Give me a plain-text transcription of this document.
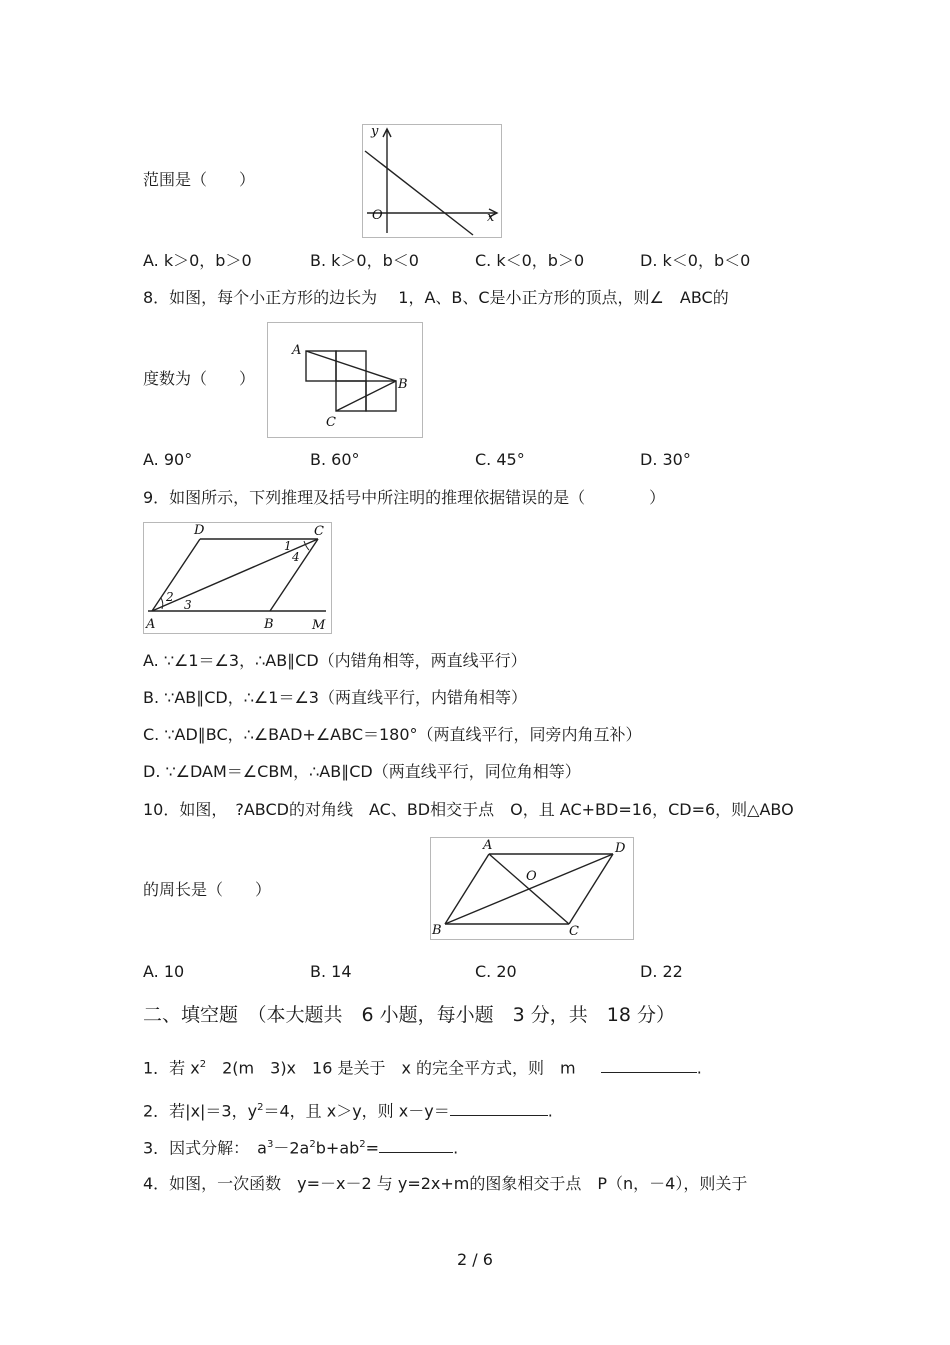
范围是（　　）
y
O	x
A. k＞0，b＞0	B. k＞0，b＜0	C. k＜0，b＞0	D. k＜0，b＜0
8．如图，每个小正方形的边长为　 1，A、B、C是小正方形的顶点，则∠　ABC的
度数为（　　）
A
B
C
A. 90°	B. 60°	C. 45°	D. 30°
9．如图所示，下列推理及括号中所注明的推理依据错误的是（　　　　）
D	C
A	B	M
1
2
3
4
A. ∵∠1＝∠3，∴AB∥CD（内错角相等，两直线平行）
B. ∵AB∥CD，∴∠1＝∠3（两直线平行，内错角相等）
C. ∵AD∥BC，∴∠BAD+∠ABC＝180°（两直线平行，同旁内角互补）
D. ∵∠DAM＝∠CBM，∴AB∥CD（两直线平行，同位角相等）
10．如图，　?ABCD的对角线　AC、BD相交于点　O，且 AC+BD=16，CD=6，则△ABO
的周长是（　　）
A	D
O
B	C
A. 10	B. 14	C. 20	D. 22
二、填空题　（本大题共　6 小题，每小题　3 分，共　18 分）
1．若 $x^2$　2(m　3)x　16 是关于　x 的完全平方式，则　m	.
2．若|x|＝3，$y^2=4$，且 x＞y，则 x－y＝	.
3．因式分解：　$a^3-2a^2b+ab^2=$	.
4．如图，一次函数　y=－x－2 与 y=2x+m的图象相交于点　P（n，－4），则关于
2 / 6
